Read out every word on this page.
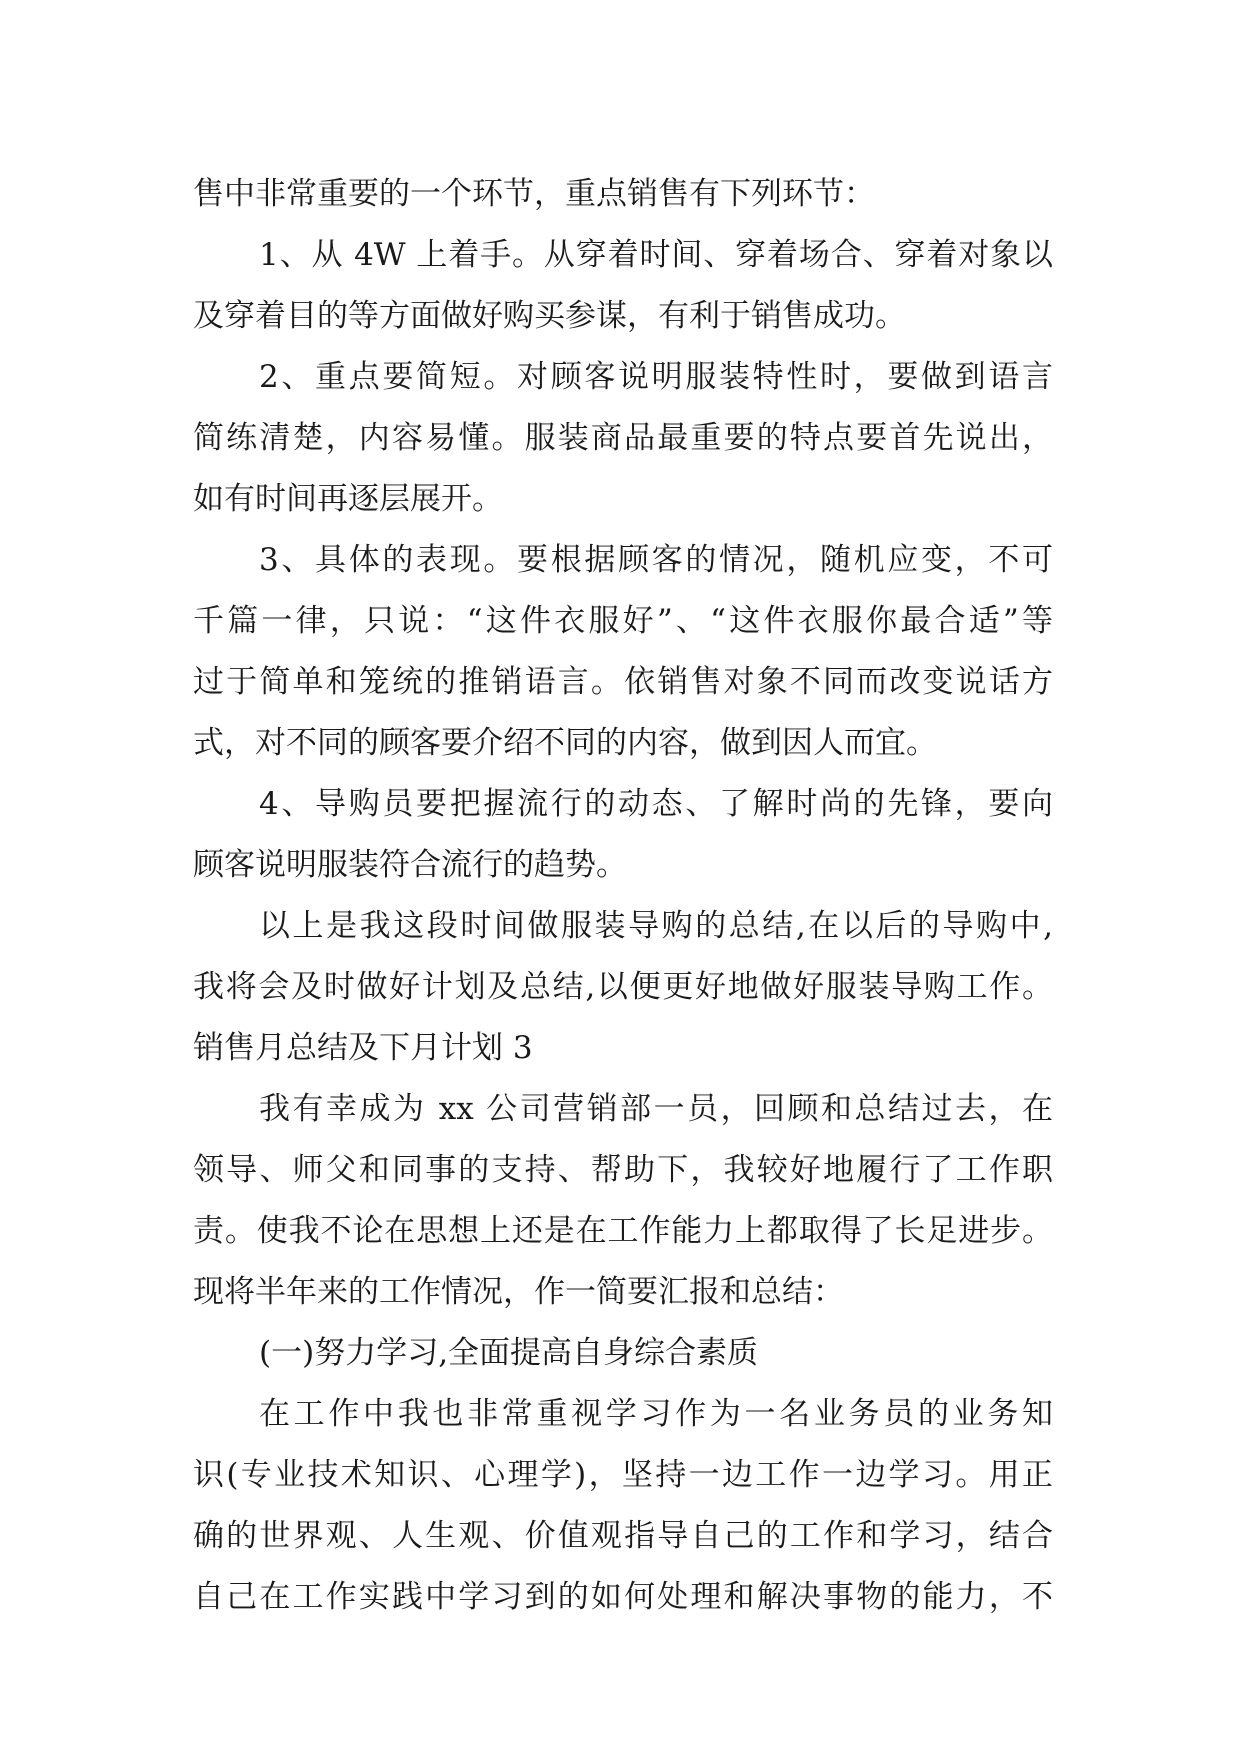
售中非常重要的一个环节，重点销售有下列环节：
1、从 4W 上着手。从穿着时间、穿着场合、穿着对象以
及穿着目的等方面做好购买参谋，有利于销售成功。
2、重点要简短。对顾客说明服装特性时，要做到语言
简练清楚，内容易懂。服装商品最重要的特点要首先说出，
如有时间再逐层展开。
3、具体的表现。要根据顾客的情况，随机应变，不可
千篇一律，只说：“这件衣服好”、“这件衣服你最合适”等
过于简单和笼统的推销语言。依销售对象不同而改变说话方
式，对不同的顾客要介绍不同的内容，做到因人而宜。
4、导购员要把握流行的动态、了解时尚的先锋，要向
顾客说明服装符合流行的趋势。
以上是我这段时间做服装导购的总结,在以后的导购中,
我将会及时做好计划及总结,以便更好地做好服装导购工作。
销售月总结及下月计划 3
我有幸成为 xx 公司营销部一员，回顾和总结过去，在
领导、师父和同事的支持、帮助下，我较好地履行了工作职
责。使我不论在思想上还是在工作能力上都取得了长足进步。
现将半年来的工作情况，作一简要汇报和总结：
(一)努力学习,全面提高自身综合素质
在工作中我也非常重视学习作为一名业务员的业务知
识(专业技术知识、心理学)，坚持一边工作一边学习。用正
确的世界观、人生观、价值观指导自己的工作和学习，结合
自己在工作实践中学习到的如何处理和解决事物的能力，不
